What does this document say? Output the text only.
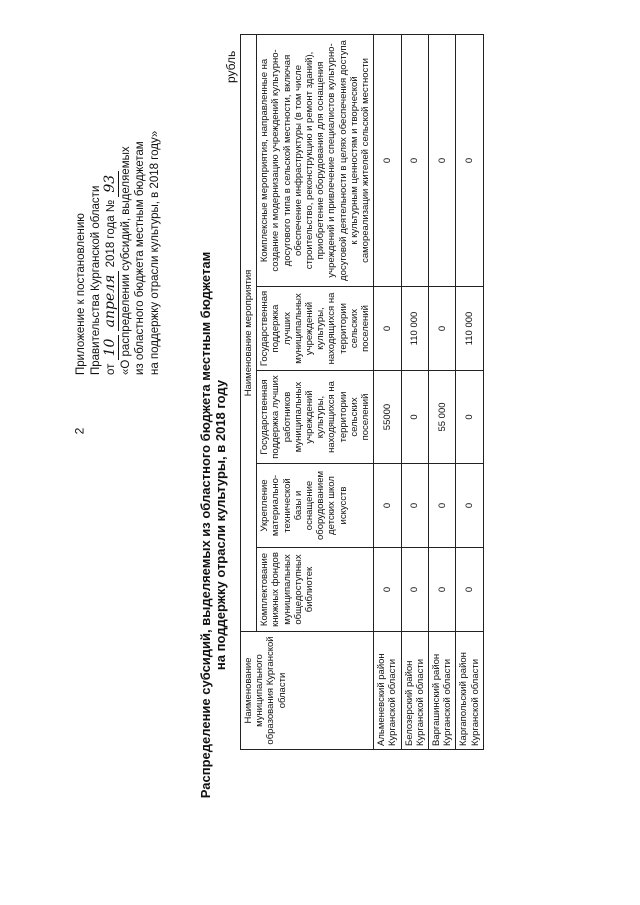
2
Приложение к постановлению Правительства Курганской области от 10 апреля 2018 года № 93 «О распределении субсидий, выделяемых из областного бюджета местным бюджетам на поддержку отрасли культуры, в 2018 году»	Распределение субсидий, выделяемых из областного бюджета местным бюджетам на поддержку отрасли культуры, в 2018 году
рубль
Наименование муниципального образования Курганской области	Наименование мероприятия				
	Комплектование книжных фондов муниципальных общедоступных библиотек	Укрепление материально-технической базы и оснащение оборудованием детских школ искусств	Государственная поддержка лучших работников муниципальных учреждений культуры, находящихся на территории сельских поселений	Государственная поддержка лучших муниципальных учреждений культуры, находящихся на территории сельских поселений	Комплексные мероприятия, направленные на создание и модернизацию учреждений культурно-досугового типа в сельской местности, включая обеспечение инфраструктуры (в том числе строительство, реконструкцию и ремонт зданий), приобретение оборудования для оснащения учреждений и привлечение специалистов культурно-досуговой деятельности в целях обеспечения доступа к культурным ценностям и творческой самореализации жителей сельской местности
Альменевский район Курганской области	0	0	55000	0	0
Белозерский район Курганской области	0	0	0	110 000	0
Варгашинский район Курганской области	0	0	55 000	0	0
Каргапольский район Курганской области	0	0	0	110 000	0
